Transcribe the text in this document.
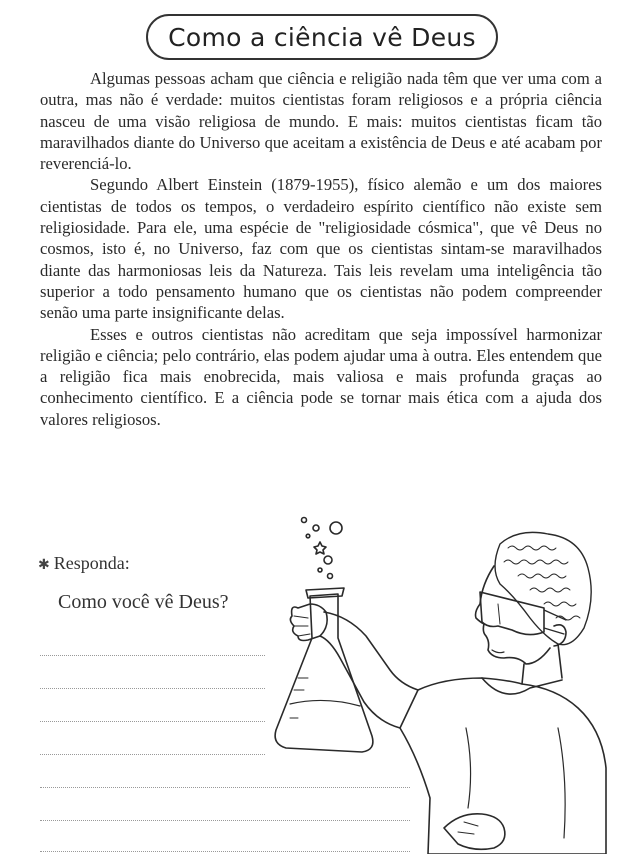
Como a ciência vê Deus

Algumas pessoas acham que ciência e religião nada têm que ver uma com a outra, mas não é verdade: muitos cientistas foram religiosos e a própria ciência nasceu de uma visão religiosa de mundo. E mais: muitos cientistas ficam tão maravilhados diante do Universo que aceitam a existência de Deus e até acabam por reverenciá-lo.

Segundo Albert Einstein (1879-1955), físico alemão e um dos maiores cientistas de todos os tempos, o verdadeiro espírito científico não existe sem religiosidade. Para ele, uma espécie de "religiosidade cósmica", que vê Deus no cosmos, isto é, no Universo, faz com que os cientistas sintam-se maravilhados diante das harmoniosas leis da Natureza. Tais leis revelam uma inteligência tão superior a todo pensamento humano que os cientistas não podem compreender senão uma parte insignificante delas.

Esses e outros cientistas não acreditam que seja impossível harmonizar religião e ciência; pelo contrário, elas podem ajudar uma à outra. Eles entendem que a religião fica mais enobrecida, mais valiosa e mais profunda graças ao conhecimento científico. E a ciência pode se tornar mais ética com a ajuda dos valores religiosos.

✱ Responda:
Como você vê Deus?
